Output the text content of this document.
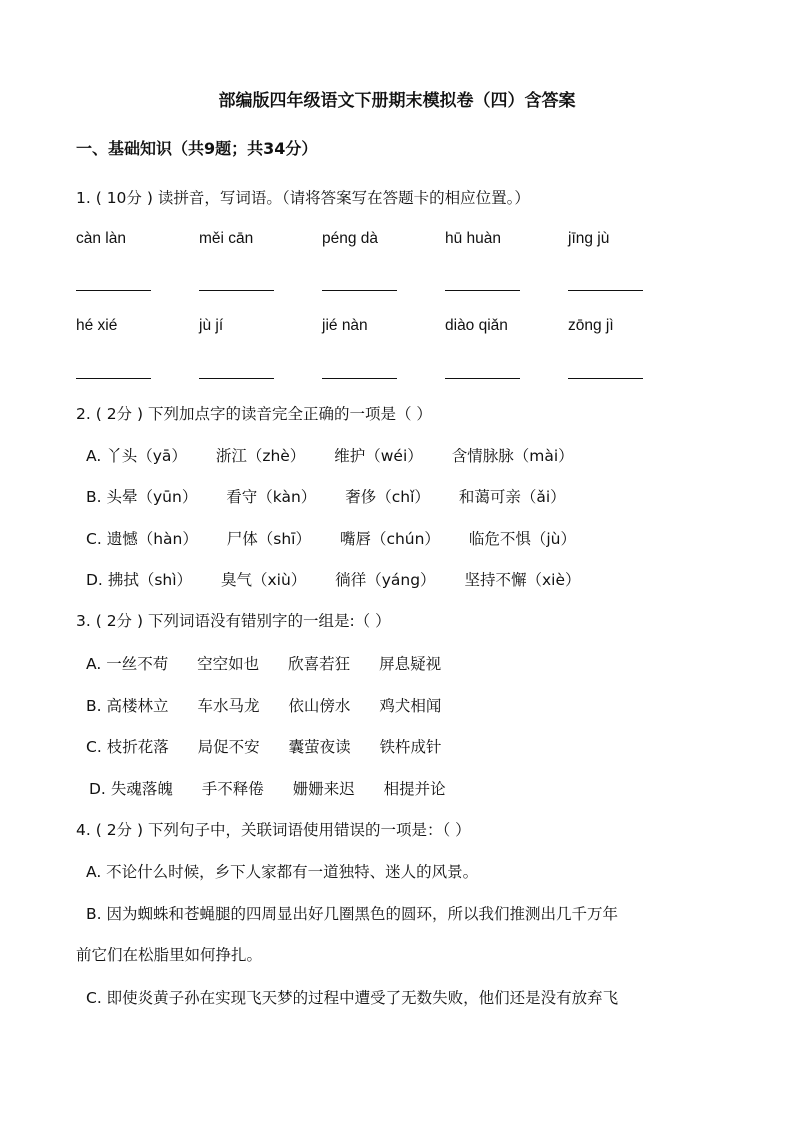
部编版四年级语文下册期末模拟卷（四）含答案
一、基础知识（共9题；共34分）
1. ( 10分 ) 读拼音，写词语。（请将答案写在答题卡的相应位置。）
càn làn	měi cān	péng dà	hū huàn	jīng jù
hé xié	jù jí	jié nàn	diào qiǎn	zōng jì
2. ( 2分 ) 下列加点字的读音完全正确的一项是（ ）
A. 丫头（yā） 浙江（zhè） 维护（wéi） 含情脉脉（mài）
B. 头晕（yūn） 看守（kàn） 奢侈（chǐ） 和蔼可亲（ǎi）
C. 遗憾（hàn） 尸体（shī） 嘴唇（chún） 临危不惧（jù）
D. 拂拭（shì） 臭气（xiù） 徜徉（yáng） 坚持不懈（xiè）
3. ( 2分 ) 下列词语没有错别字的一组是:（ ）
A. 一丝不苟 空空如也 欣喜若狂 屏息疑视
B. 高楼林立 车水马龙 依山傍水 鸡犬相闻
C. 枝折花落 局促不安 囊萤夜读 铁杵成针
D. 失魂落魄 手不释倦 姗姗来迟 相提并论
4. ( 2分 ) 下列句子中，关联词语使用错误的一项是：（ ）
A. 不论什么时候，乡下人家都有一道独特、迷人的风景。
B. 因为蜘蛛和苍蝇腿的四周显出好几圈黑色的圆环，所以我们推测出几千万年
前它们在松脂里如何挣扎。
C. 即使炎黄子孙在实现飞天梦的过程中遭受了无数失败，他们还是没有放弃飞
